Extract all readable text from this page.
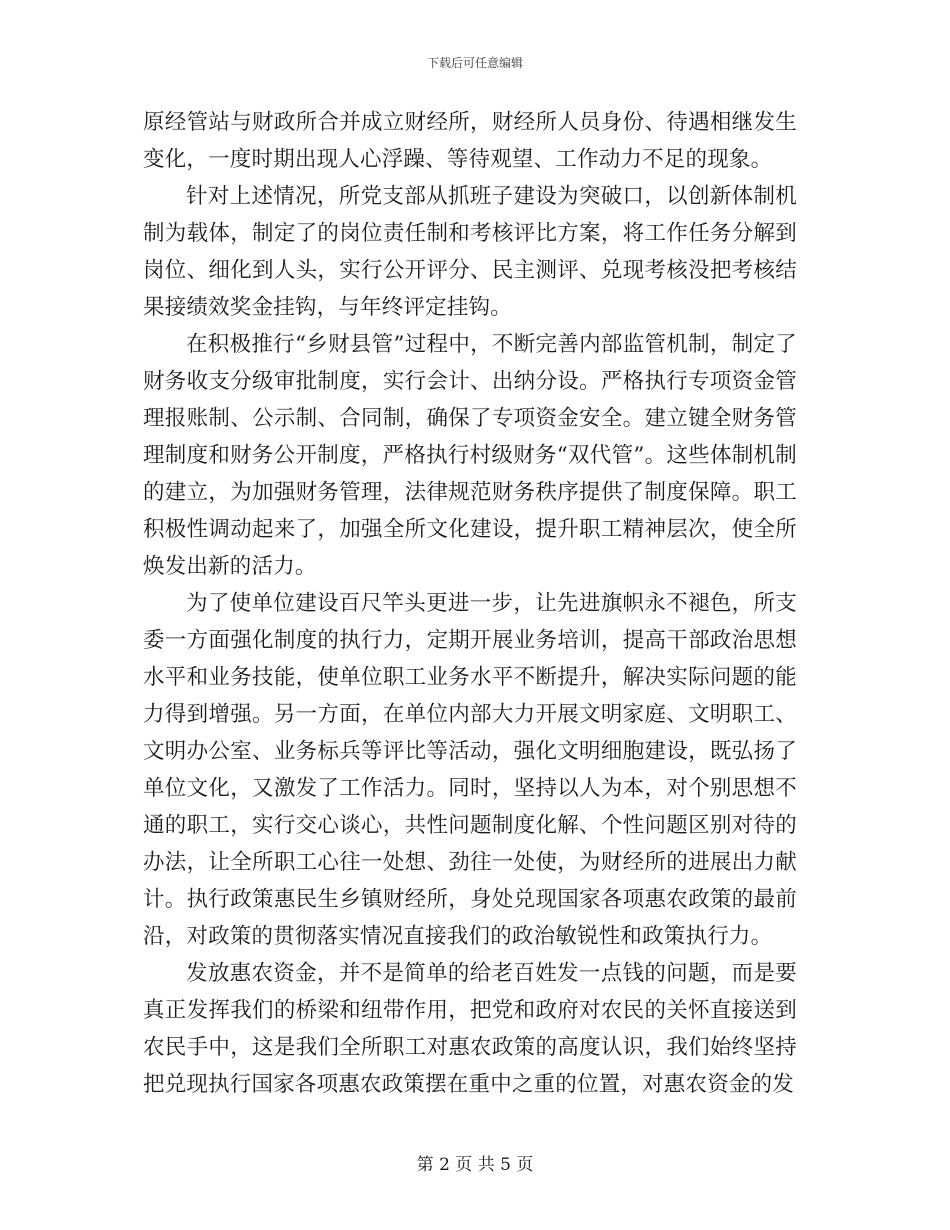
下载后可任意编辑

原经管站与财政所合并成立财经所，财经所人员身份、待遇相继发生变化，一度时期出现人心浮躁、等待观望、工作动力不足的现象。

针对上述情况，所党支部从抓班子建设为突破口，以创新体制机制为载体，制定了的岗位责任制和考核评比方案，将工作任务分解到岗位、细化到人头，实行公开评分、民主测评、兑现考核没把考核结果接绩效奖金挂钩，与年终评定挂钩。

在积极推行“乡财县管”过程中，不断完善内部监管机制，制定了财务收支分级审批制度，实行会计、出纳分设。严格执行专项资金管理报账制、公示制、合同制，确保了专项资金安全。建立键全财务管理制度和财务公开制度，严格执行村级财务“双代管”。这些体制机制的建立，为加强财务管理，法律规范财务秩序提供了制度保障。职工积极性调动起来了，加强全所文化建设，提升职工精神层次，使全所焕发出新的活力。

为了使单位建设百尺竿头更进一步，让先进旗帜永不褪色，所支委一方面强化制度的执行力，定期开展业务培训，提高干部政治思想水平和业务技能，使单位职工业务水平不断提升，解决实际问题的能力得到增强。另一方面，在单位内部大力开展文明家庭、文明职工、文明办公室、业务标兵等评比等活动，强化文明细胞建设，既弘扬了单位文化，又激发了工作活力。同时，坚持以人为本，对个别思想不通的职工，实行交心谈心，共性问题制度化解、个性问题区别对待的办法，让全所职工心往一处想、劲往一处使，为财经所的进展出力献计。执行政策惠民生乡镇财经所，身处兑现国家各项惠农政策的最前沿，对政策的贯彻落实情况直接我们的政治敏锐性和政策执行力。

发放惠农资金，并不是简单的给老百姓发一点钱的问题，而是要真正发挥我们的桥梁和纽带作用，把党和政府对农民的关怀直接送到农民手中，这是我们全所职工对惠农政策的高度认识，我们始终坚持把兑现执行国家各项惠农政策摆在重中之重的位置，对惠农资金的发

第 2 页 共 5 页
